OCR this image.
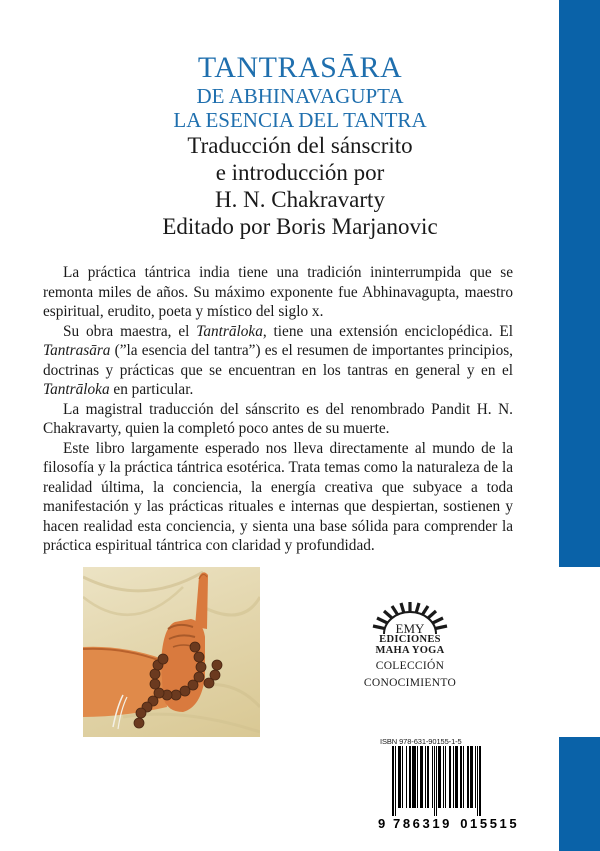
TANTRASĀRA
DE ABHINAVAGUPTA
LA ESENCIA DEL TANTRA
Traducción del sánscrito
e introducción por
H. N. Chakravarty
Editado por Boris Marjanovic

La práctica tántrica india tiene una tradición ininterrumpida que se remonta miles de años. Su máximo exponente fue Abhinavagupta, maestro espiritual, erudito, poeta y místico del siglo x.

Su obra maestra, el Tantrāloka, tiene una extensión enciclopédica. El Tantrasāra (”la esencia del tantra”) es el resumen de importantes principios, doctrinas y prácticas que se encuentran en los tantras en general y en el Tantrāloka en particular.

La magistral traducción del sánscrito es del renombrado Pandit H. N. Chakravarty, quien la completó poco antes de su muerte.

Este libro largamente esperado nos lleva directamente al mundo de la filosofía y la práctica tántrica esotérica. Trata temas como la naturaleza de la realidad última, la conciencia, la energía creativa que subyace a toda manifestación y las prácticas rituales e internas que despiertan, sostienen y hacen realidad esta conciencia, y sienta una base sólida para comprender la práctica espiritual tántrica con claridad y profundidad.

EMY
EDICIONES
MAHA YOGA
COLECCIÓN
CONOCIMIENTO
ISBN 978-631-90155-1-5
9 786319 015515
